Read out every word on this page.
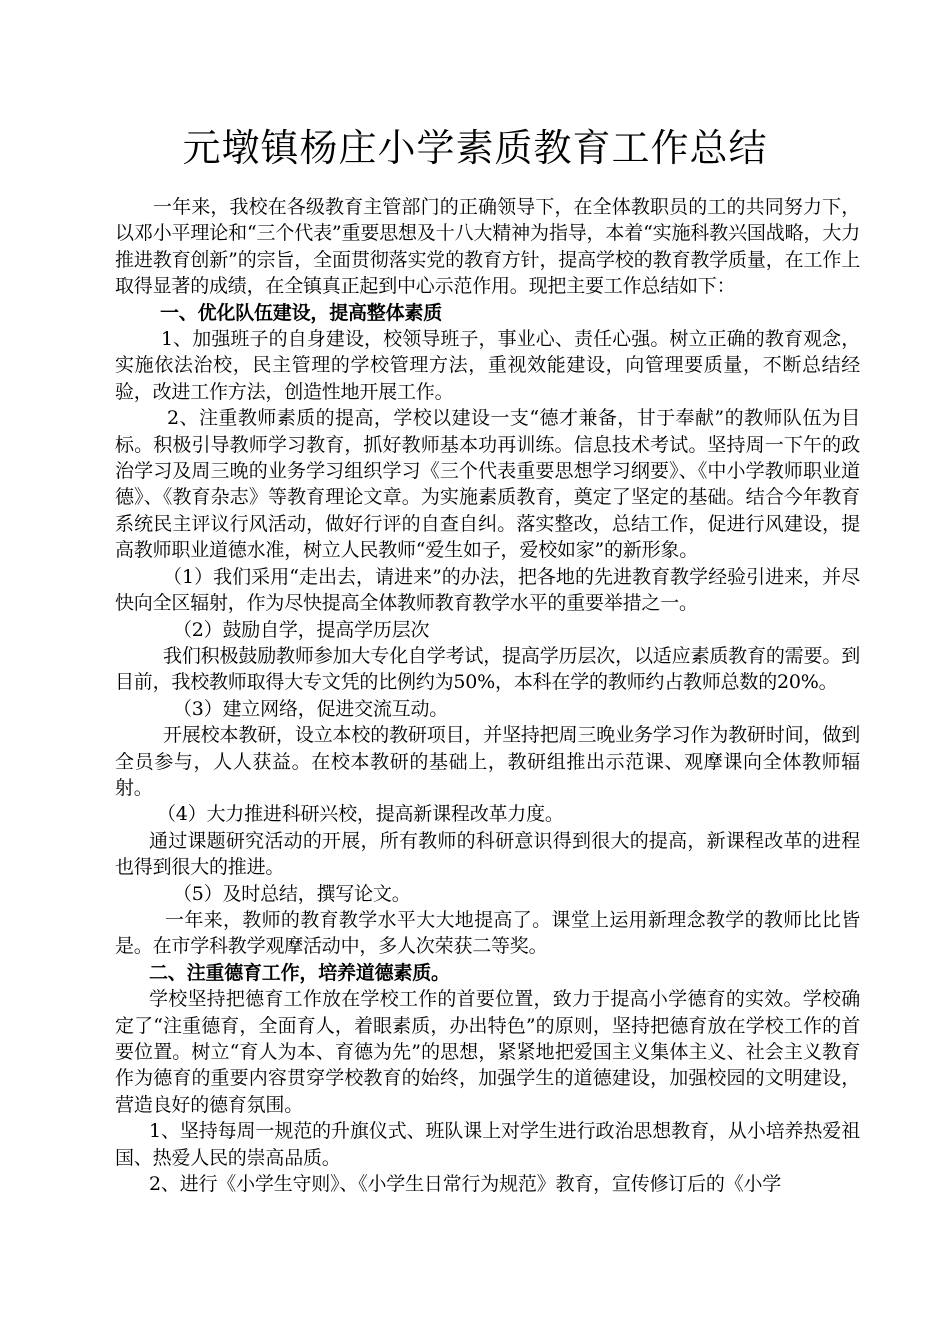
元墩镇杨庄小学素质教育工作总结

一年来，我校在各级教育主管部门的正确领导下，在全体教职员的工的共同努力下，以邓小平理论和“三个代表”重要思想及十八大精神为指导，本着“实施科教兴国战略，大力推进教育创新”的宗旨，全面贯彻落实党的教育方针，提高学校的教育教学质量，在工作上取得显著的成绩，在全镇真正起到中心示范作用。现把主要工作总结如下：

一、优化队伍建设，提高整体素质

1、加强班子的自身建设，校领导班子，事业心、责任心强。树立正确的教育观念，实施依法治校，民主管理的学校管理方法，重视效能建设，向管理要质量，不断总结经验，改进工作方法，创造性地开展工作。

2、注重教师素质的提高，学校以建设一支“德才兼备，甘于奉献”的教师队伍为目标。积极引导教师学习教育，抓好教师基本功再训练。信息技术考试。坚持周一下午的政治学习及周三晚的业务学习组织学习《三个代表重要思想学习纲要》、《中小学教师职业道德》、《教育杂志》等教育理论文章。为实施素质教育，奠定了坚定的基础。结合今年教育系统民主评议行风活动，做好行评的自查自纠。落实整改，总结工作，促进行风建设，提高教师职业道德水准，树立人民教师“爱生如子，爱校如家”的新形象。

（1）我们采用“走出去，请进来”的办法，把各地的先进教育教学经验引进来，并尽快向全区辐射，作为尽快提高全体教师教育教学水平的重要举措之一。

（2）鼓励自学，提高学历层次

我们积极鼓励教师参加大专化自学考试，提高学历层次，以适应素质教育的需要。到目前，我校教师取得大专文凭的比例约为50%，本科在学的教师约占教师总数的20%。

（3）建立网络，促进交流互动。

开展校本教研，设立本校的教研项目，并坚持把周三晚业务学习作为教研时间，做到全员参与，人人获益。在校本教研的基础上，教研组推出示范课、观摩课向全体教师辐射。

（4）大力推进科研兴校，提高新课程改革力度。

通过课题研究活动的开展，所有教师的科研意识得到很大的提高，新课程改革的进程也得到很大的推进。

（5）及时总结，撰写论文。

一年来，教师的教育教学水平大大地提高了。课堂上运用新理念教学的教师比比皆是。在市学科教学观摩活动中，多人次荣获二等奖。

二、注重德育工作，培养道德素质。

学校坚持把德育工作放在学校工作的首要位置，致力于提高小学德育的实效。学校确定了“注重德育，全面育人，着眼素质，办出特色”的原则，坚持把德育放在学校工作的首要位置。树立“育人为本、育德为先”的思想，紧紧地把爱国主义集体主义、社会主义教育作为德育的重要内容贯穿学校教育的始终，加强学生的道德建设，加强校园的文明建设，营造良好的德育氛围。

1、坚持每周一规范的升旗仪式、班队课上对学生进行政治思想教育，从小培养热爱祖国、热爱人民的崇高品质。

2、进行《小学生守则》、《小学生日常行为规范》教育，宣传修订后的《小学
